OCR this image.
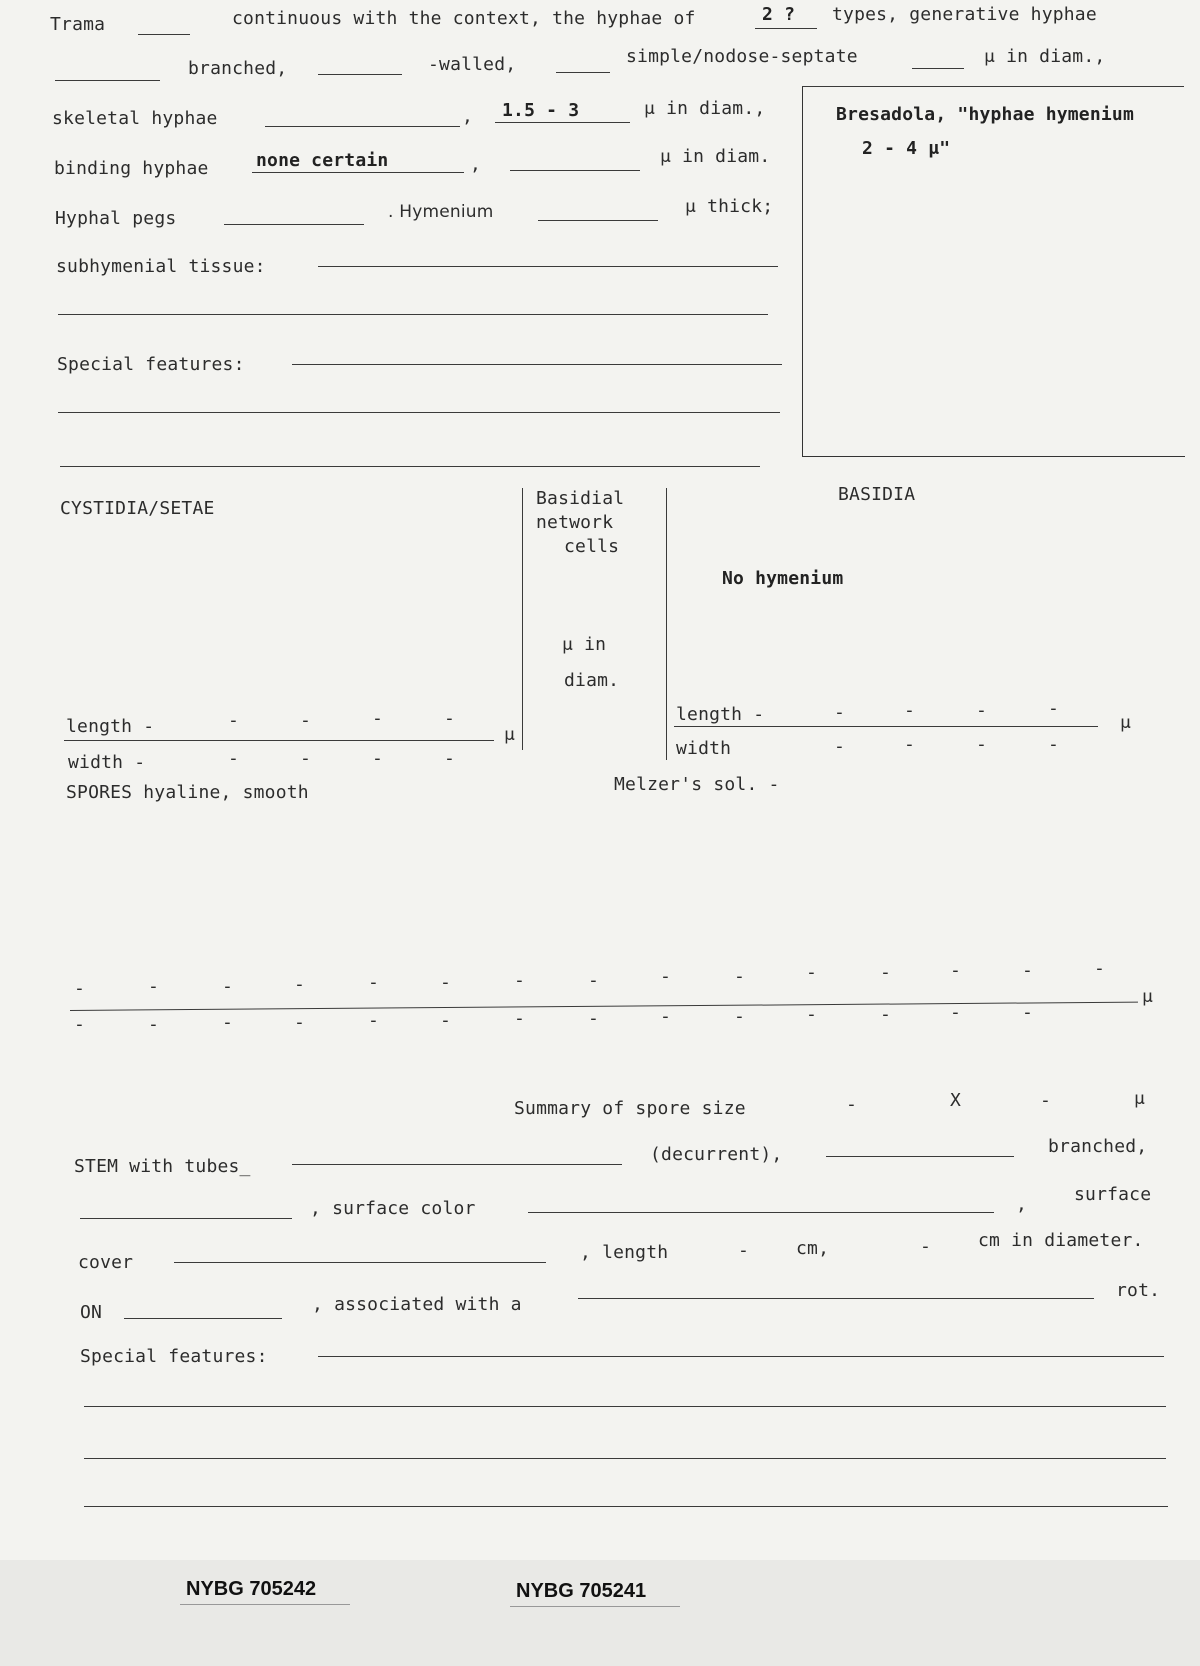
Trama	continuous with the context, the hyphae of	2 ? types, generative hyphae
branched,	-walled,	simple/nodose-septate	μ in diam.,
skeletal hyphae	, 1.5 - 3	μ in diam.,
binding hyphae	none certain	,	μ in diam.
Hyphal pegs	. Hymenium	μ thick;
subhymenial tissue:
Special features:
Bresadola, "hyphae hymenium
2 - 4 μ"
CYSTIDIA/SETAE	Basidial
network
cells
μ in
diam.
BASIDIA
No hymenium
length -	-	-	-	-
μ
width -	-	-	-	-
length -	-	-	-	-
μ
width	-	-	-	-
SPORES hyaline, smooth	Melzer's sol. -
-	-	-	-	-	-	-	-	-	-	-	-	-	-	-
μ
-	-	-	-	-	-	-	-	-	-	-	-	-	-
Summary of spore size	-	X	-	μ
STEM with tubes_
(decurrent),	branched,
, surface color	,	surface
cover	, length	-	cm,	-	cm in diameter.
ON	, associated with a
rot.
Special features:
NYBG 705242	NYBG 705241
